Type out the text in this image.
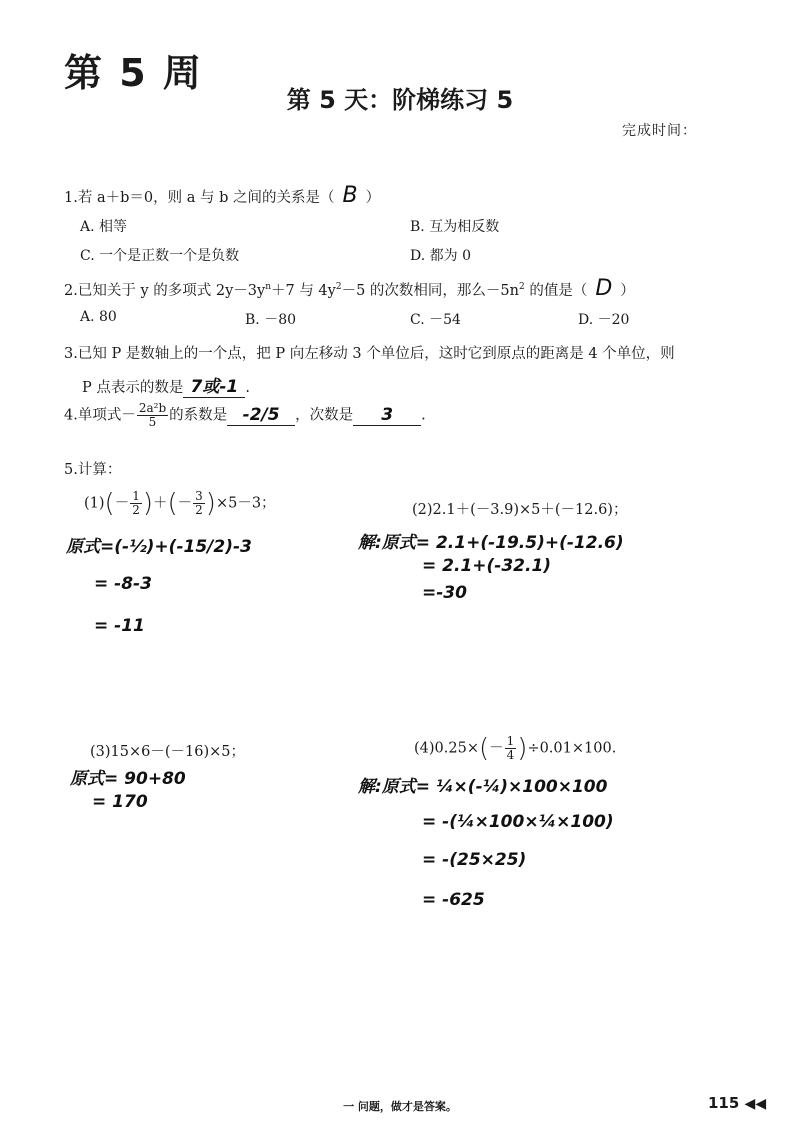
第 5 周
第 5 天：阶梯练习 5
完成时间：
1.若 a＋b＝0，则 a 与 b 之间的关系是（ B ）
A. 相等	B. 互为相反数
C. 一个是正数一个是负数	D. 都为 0
2.已知关于 y 的多项式 $2y-3y^n+7$ 与 $4y^2-5$ 的次数相同，那么$-5n^2$ 的值是（ D ）
A. 80	B. －80	C. －54	D. －20
3.已知 P 是数轴上的一个点，把 P 向左移动 3 个单位后，这时它到原点的距离是 4 个单位，则
P 点表示的数是 7或-1 .
4.单项式－ $\frac{\text{2a²b}}{5}$ 的系数是 -2/5 ，次数是 3 .
5.计算：
$(1)(- \frac{1}{2}$ )＋(－ $\frac{3}{2} )\times 5-3$；
原式=(-½)+(-15/2)-3
= -8-3
= -11
(2)2.1＋(－3.9)×5＋(－12.6)；
解:原式= 2.1+(-19.5)+(-12.6)
= 2.1+(-32.1)
=-30
(3)15×6－(－16)×5；
原式= 90+80
= 170
$(4)0.25\times(- \frac{1}{4} )\div 0.01\times 100$.
解:原式= ¼×(-¼)×100×100
= -(¼×100×¼×100)
= -(25×25)
= -625
一 问题，做才是答案。	115 ◀◀
